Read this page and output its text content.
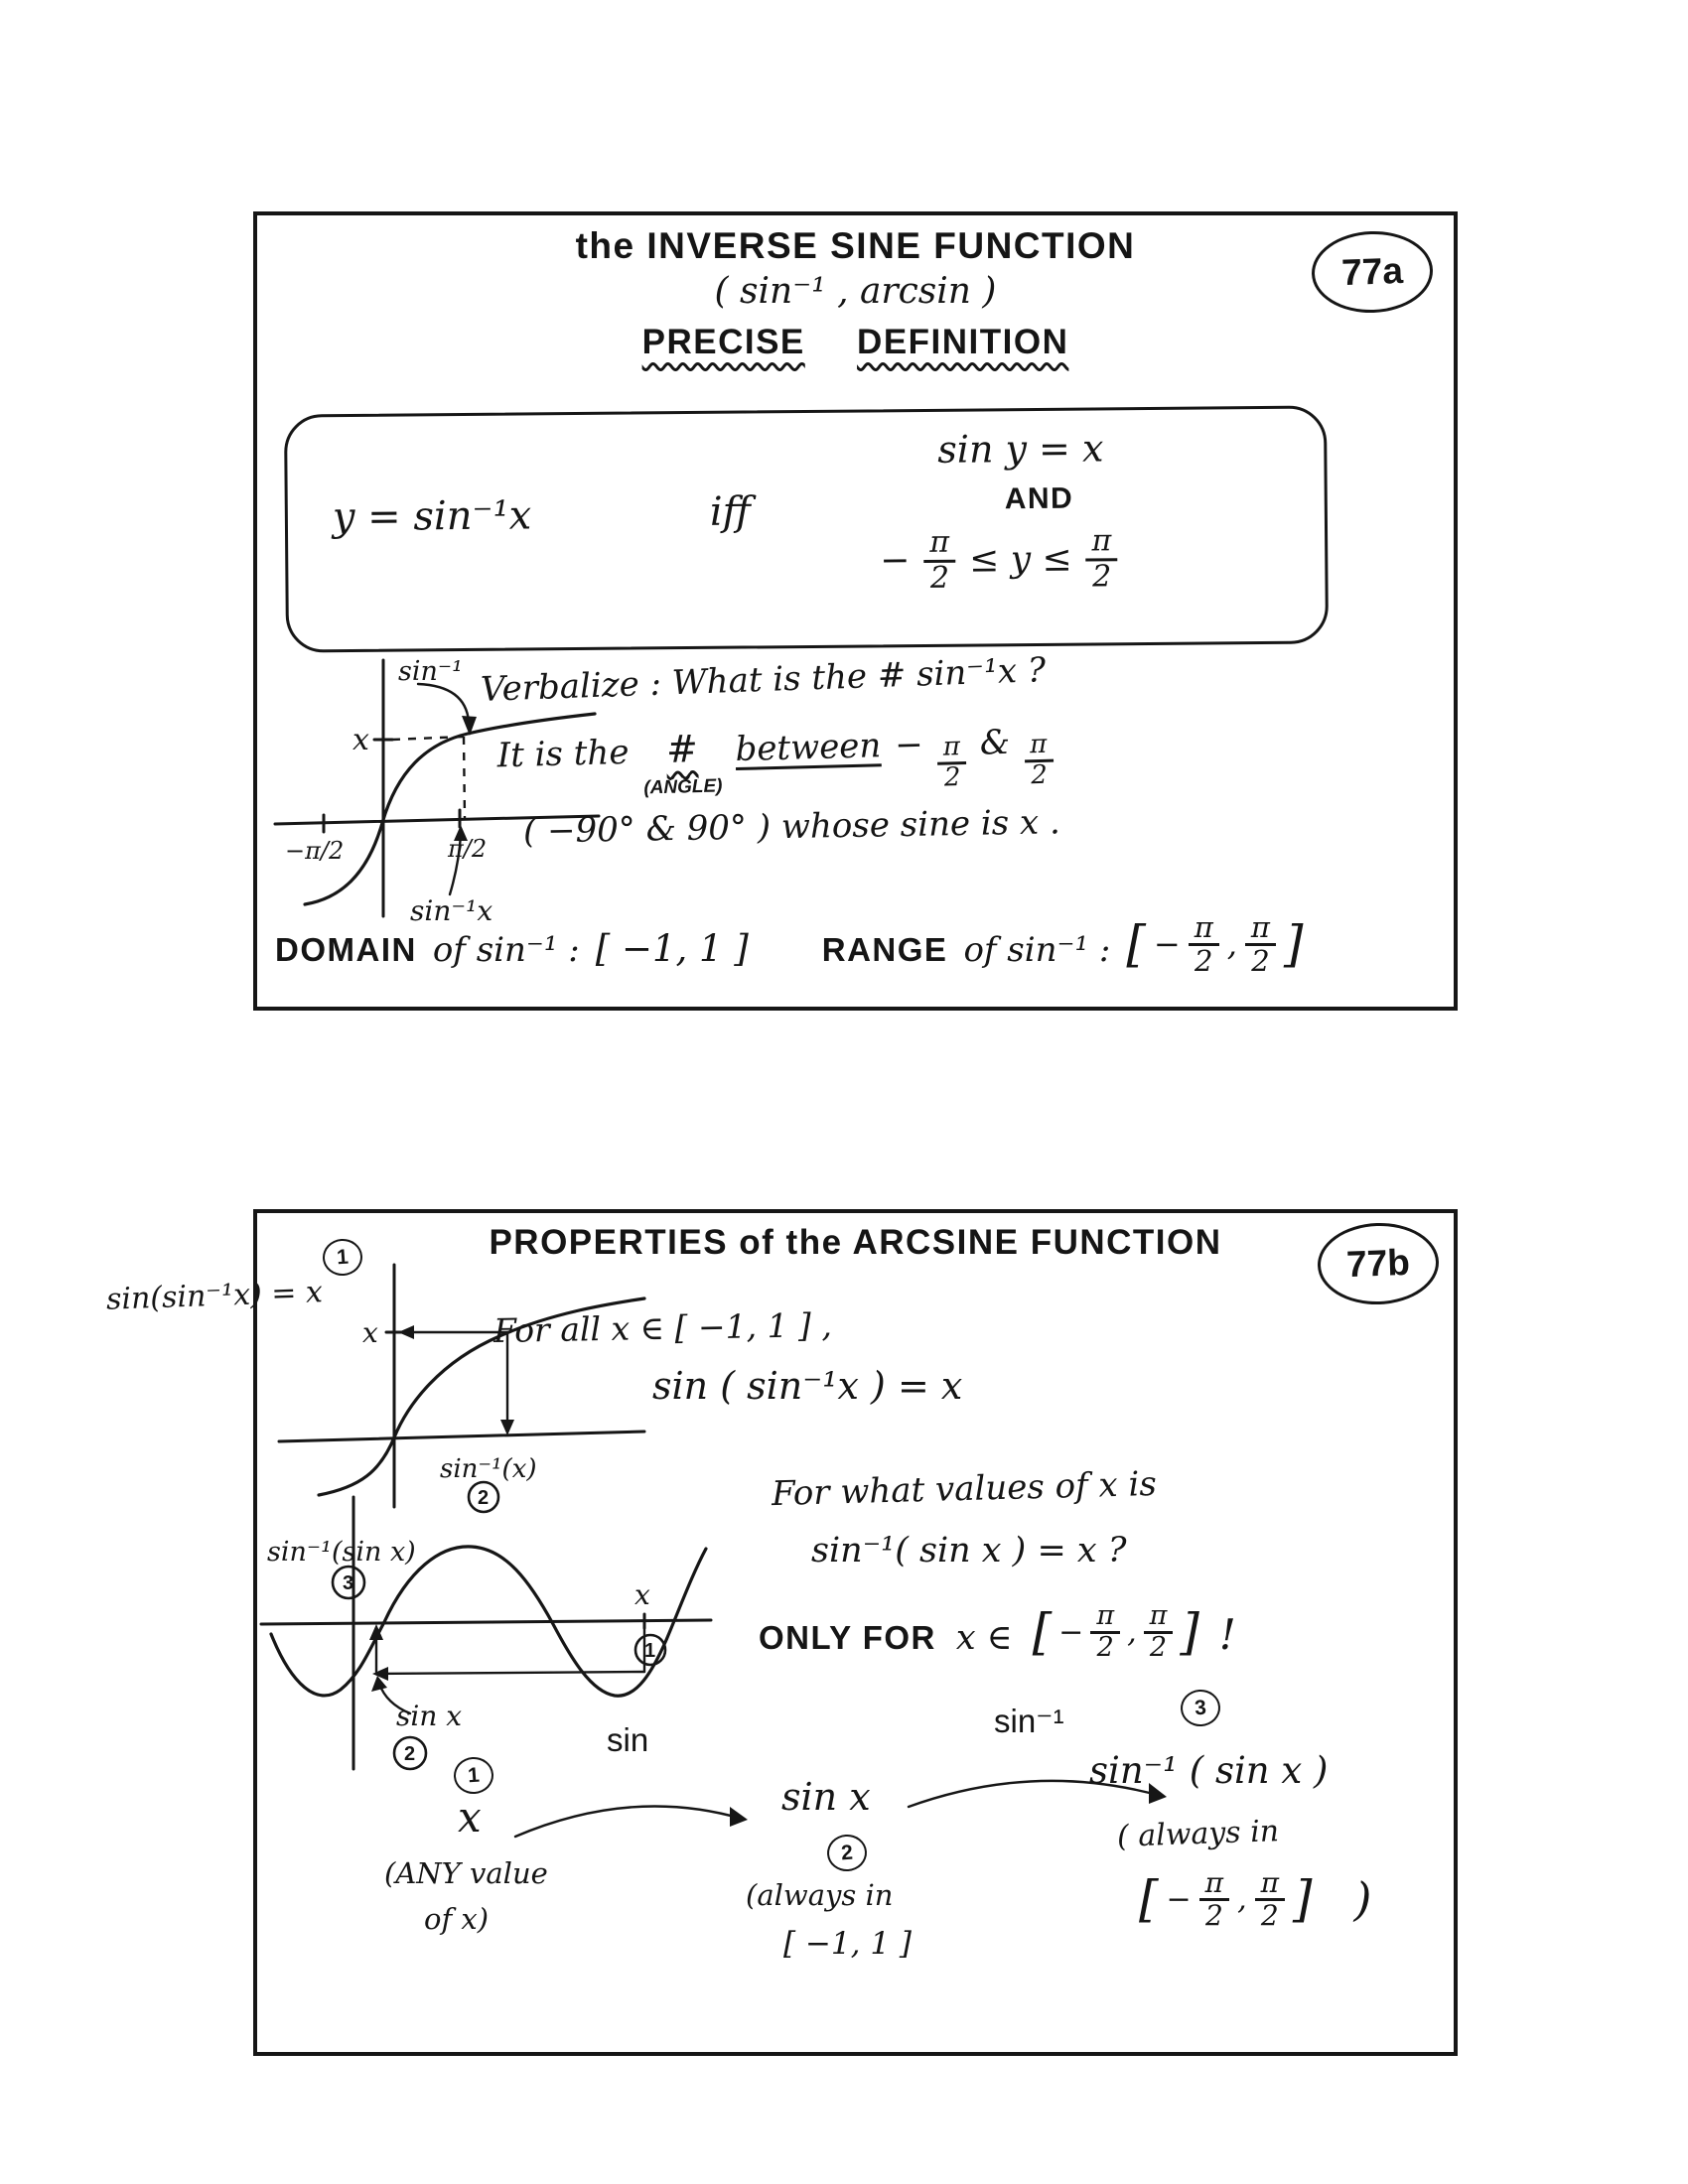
the INVERSE SINE FUNCTION
( sin⁻¹ , arcsin )
PRECISE DEFINITION
77a
y = sin⁻¹x	iff
sin y = x
AND
− $\frac{\pi}{2} \le y \le \frac{\pi}{2}$
sin⁻¹
x
−π/2	π/2
sin⁻¹x
Verbalize : What is the # sin⁻¹x ?
It is the #
(ANGLE)
between − $\frac{\pi}{2}$ & $\frac{\pi}{2}$
( −90° & 90° ) whose sine is x .
DOMAIN of sin⁻¹ : [ −1, 1 ] RANGE of sin⁻¹ : [ − $\frac{\pi}{2}$ , $\frac{\pi}{2}$ ]
PROPERTIES of the ARCSINE FUNCTION	77b
sin(sin⁻¹x) = x
1
x
sin⁻¹(x)
2
For all x ∈ [ −1, 1 ] ,
sin ( sin⁻¹x ) = x
For what values of x is
sin⁻¹( sin x ) = x ?
ONLY FOR x ∈ [ − $\frac{\pi}{2}$ , $\frac{\pi}{2}$ ] !
sin⁻¹(sin x)
x
sin x
3
1
2
1
x
(ANY value
of x)
sin
sin x
2
(always in
[ −1, 1 ]
sin⁻¹	3
sin⁻¹ ( sin x )
( always in
[ − $\frac{\pi}{2}$ , $\frac{\pi}{2}$ ] )
